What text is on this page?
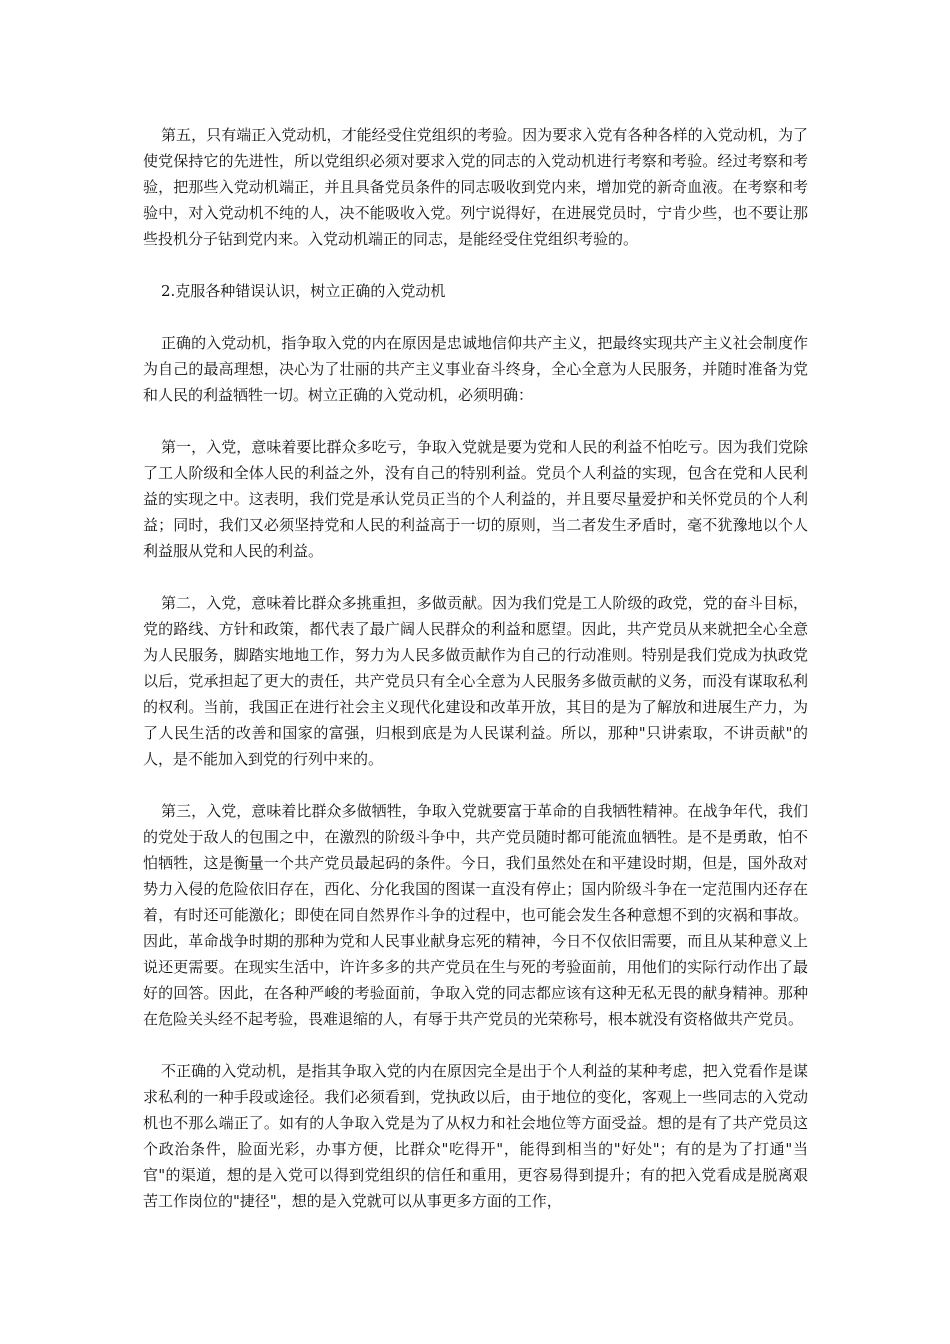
第五，只有端正入党动机，才能经受住党组织的考验。因为要求入党有各种各样的入党动机，为了使党保持它的先进性，所以党组织必须对要求入党的同志的入党动机进行考察和考验。经过考察和考验，把那些入党动机端正，并且具备党员条件的同志吸收到党内来，增加党的新奇血液。在考察和考验中，对入党动机不纯的人，决不能吸收入党。列宁说得好，在进展党员时，宁肯少些，也不要让那些投机分子钻到党内来。入党动机端正的同志，是能经受住党组织考验的。

2.克服各种错误认识，树立正确的入党动机

正确的入党动机，指争取入党的内在原因是忠诚地信仰共产主义，把最终实现共产主义社会制度作为自己的最高理想，决心为了壮丽的共产主义事业奋斗终身，全心全意为人民服务，并随时准备为党和人民的利益牺牲一切。树立正确的入党动机，必须明确：

第一，入党，意味着要比群众多吃亏，争取入党就是要为党和人民的利益不怕吃亏。因为我们党除了工人阶级和全体人民的利益之外，没有自己的特别利益。党员个人利益的实现，包含在党和人民利益的实现之中。这表明，我们党是承认党员正当的个人利益的，并且要尽量爱护和关怀党员的个人利益；同时，我们又必须坚持党和人民的利益高于一切的原则，当二者发生矛盾时，毫不犹豫地以个人利益服从党和人民的利益。

第二，入党，意味着比群众多挑重担，多做贡献。因为我们党是工人阶级的政党，党的奋斗目标，党的路线、方针和政策，都代表了最广阔人民群众的利益和愿望。因此，共产党员从来就把全心全意为人民服务，脚踏实地地工作，努力为人民多做贡献作为自己的行动准则。特别是我们党成为执政党以后，党承担起了更大的责任，共产党员只有全心全意为人民服务多做贡献的义务，而没有谋取私利的权利。当前，我国正在进行社会主义现代化建设和改革开放，其目的是为了解放和进展生产力，为了人民生活的改善和国家的富强，归根到底是为人民谋利益。所以，那种"只讲索取，不讲贡献"的人，是不能加入到党的行列中来的。

第三，入党，意味着比群众多做牺牲，争取入党就要富于革命的自我牺牲精神。在战争年代，我们的党处于敌人的包围之中，在激烈的阶级斗争中，共产党员随时都可能流血牺牲。是不是勇敢，怕不怕牺牲，这是衡量一个共产党员最起码的条件。今日，我们虽然处在和平建设时期，但是，国外敌对势力入侵的危险依旧存在，西化、分化我国的图谋一直没有停止；国内阶级斗争在一定范围内还存在着，有时还可能激化；即使在同自然界作斗争的过程中，也可能会发生各种意想不到的灾祸和事故。因此，革命战争时期的那种为党和人民事业献身忘死的精神，今日不仅依旧需要，而且从某种意义上说还更需要。在现实生活中，许许多多的共产党员在生与死的考验面前，用他们的实际行动作出了最好的回答。因此，在各种严峻的考验面前，争取入党的同志都应该有这种无私无畏的献身精神。那种在危险关头经不起考验，畏难退缩的人，有辱于共产党员的光荣称号，根本就没有资格做共产党员。

不正确的入党动机，是指其争取入党的内在原因完全是出于个人利益的某种考虑，把入党看作是谋求私利的一种手段或途径。我们必须看到，党执政以后，由于地位的变化，客观上一些同志的入党动机也不那么端正了。如有的人争取入党是为了从权力和社会地位等方面受益。想的是有了共产党员这个政治条件，脸面光彩，办事方便，比群众"吃得开"，能得到相当的"好处"；有的是为了打通"当官"的渠道，想的是入党可以得到党组织的信任和重用，更容易得到提升；有的把入党看成是脱离艰苦工作岗位的"捷径"，想的是入党就可以从事更多方面的工作，
